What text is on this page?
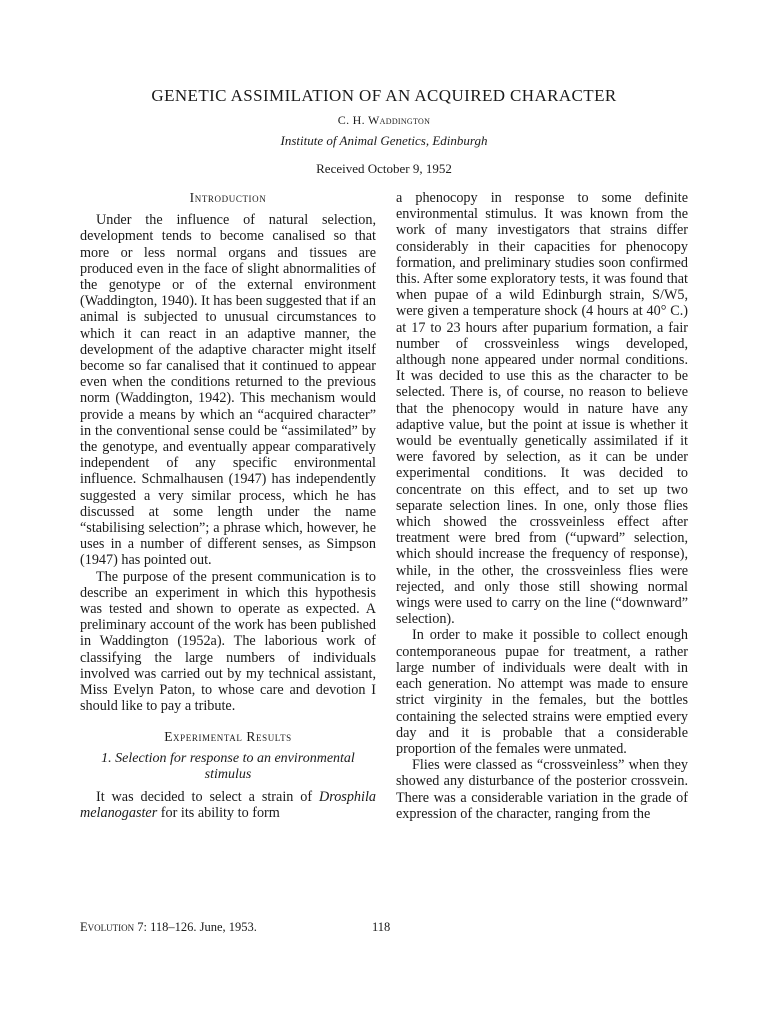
GENETIC ASSIMILATION OF AN ACQUIRED CHARACTER
C. H. Waddington
Institute of Animal Genetics, Edinburgh
Received October 9, 1952
Introduction

Under the influence of natural selection, development tends to become canalised so that more or less normal organs and tissues are produced even in the face of slight abnormalities of the genotype or of the external environment (Waddington, 1940). It has been suggested that if an animal is subjected to unusual circumstances to which it can react in an adaptive manner, the development of the adaptive character might itself become so far canalised that it continued to appear even when the conditions returned to the previous norm (Waddington, 1942). This mechanism would provide a means by which an “acquired character” in the conventional sense could be “assimilated” by the genotype, and eventually appear comparatively independent of any specific environmental influence. Schmalhausen (1947) has independently suggested a very similar process, which he has discussed at some length under the name “stabilising selection”; a phrase which, however, he uses in a number of different senses, as Simpson (1947) has pointed out.

The purpose of the present communication is to describe an experiment in which this hypothesis was tested and shown to operate as expected. A preliminary account of the work has been published in Waddington (1952a). The laborious work of classifying the large numbers of individuals involved was carried out by my technical assistant, Miss Evelyn Paton, to whose care and devotion I should like to pay a tribute.

Experimental Results
1. Selection for response to an environmental stimulus

It was decided to select a strain of Drosphila melanogaster for its ability to form

a phenocopy in response to some definite environmental stimulus. It was known from the work of many investigators that strains differ considerably in their capacities for phenocopy formation, and preliminary studies soon confirmed this. After some exploratory tests, it was found that when pupae of a wild Edinburgh strain, S/W5, were given a temperature shock (4 hours at 40° C.) at 17 to 23 hours after puparium formation, a fair number of crossveinless wings developed, although none appeared under normal conditions. It was decided to use this as the character to be selected. There is, of course, no reason to believe that the phenocopy would in nature have any adaptive value, but the point at issue is whether it would be eventually genetically assimilated if it were favored by selection, as it can be under experimental conditions. It was decided to concentrate on this effect, and to set up two separate selection lines. In one, only those flies which showed the crossveinless effect after treatment were bred from (“upward” selection, which should increase the frequency of response), while, in the other, the crossveinless flies were rejected, and only those still showing normal wings were used to carry on the line (“downward” selection).

In order to make it possible to collect enough contemporaneous pupae for treatment, a rather large number of individuals were dealt with in each generation. No attempt was made to ensure strict virginity in the females, but the bottles containing the selected strains were emptied every day and it is probable that a considerable proportion of the females were unmated.

Flies were classed as “crossveinless” when they showed any disturbance of the posterior crossvein. There was a considerable variation in the grade of expression of the character, ranging from the

Evolution 7: 118–126. June, 1953.	118
